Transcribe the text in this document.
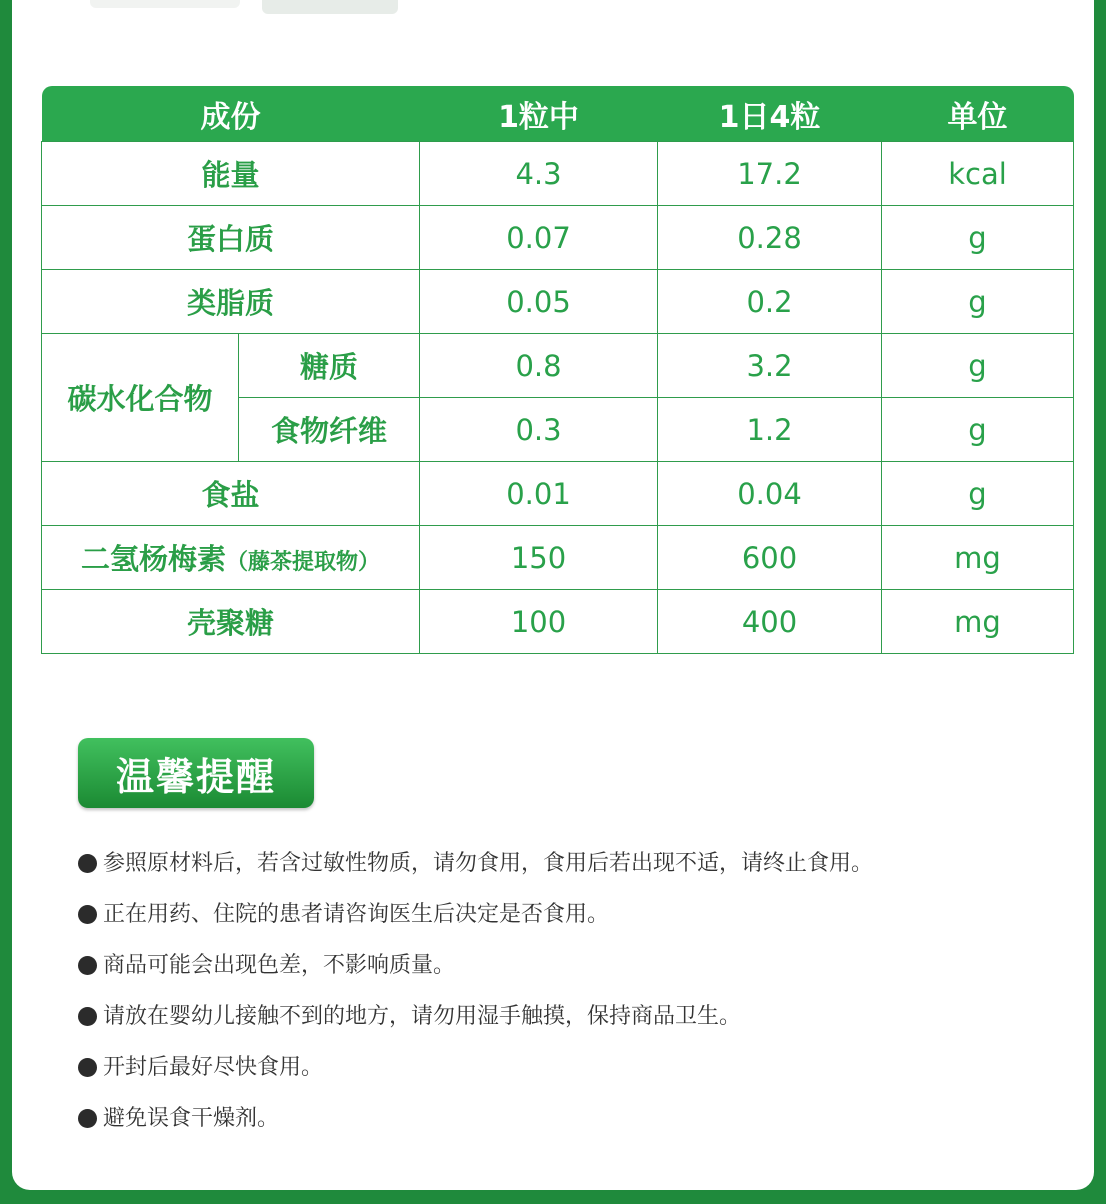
成份		1粒中	1日4粒	单位
能量		4.3	17.2	kcal
蛋白质		0.07	0.28	g
类脂质		0.05	0.2	g
碳水化合物	糖质	0.8	3.2	g
	食物纤维	0.3	1.2	g
食盐		0.01	0.04	g
二氢杨梅素（藤茶提取物）		150	600	mg
壳聚糖		100	400	mg
温馨提醒
参照原材料后，若含过敏性物质，请勿食用，食用后若出现不适，请终止食用。
正在用药、住院的患者请咨询医生后决定是否食用。
商品可能会出现色差，不影响质量。
请放在婴幼儿接触不到的地方，请勿用湿手触摸，保持商品卫生。
开封后最好尽快食用。
避免误食干燥剂。
